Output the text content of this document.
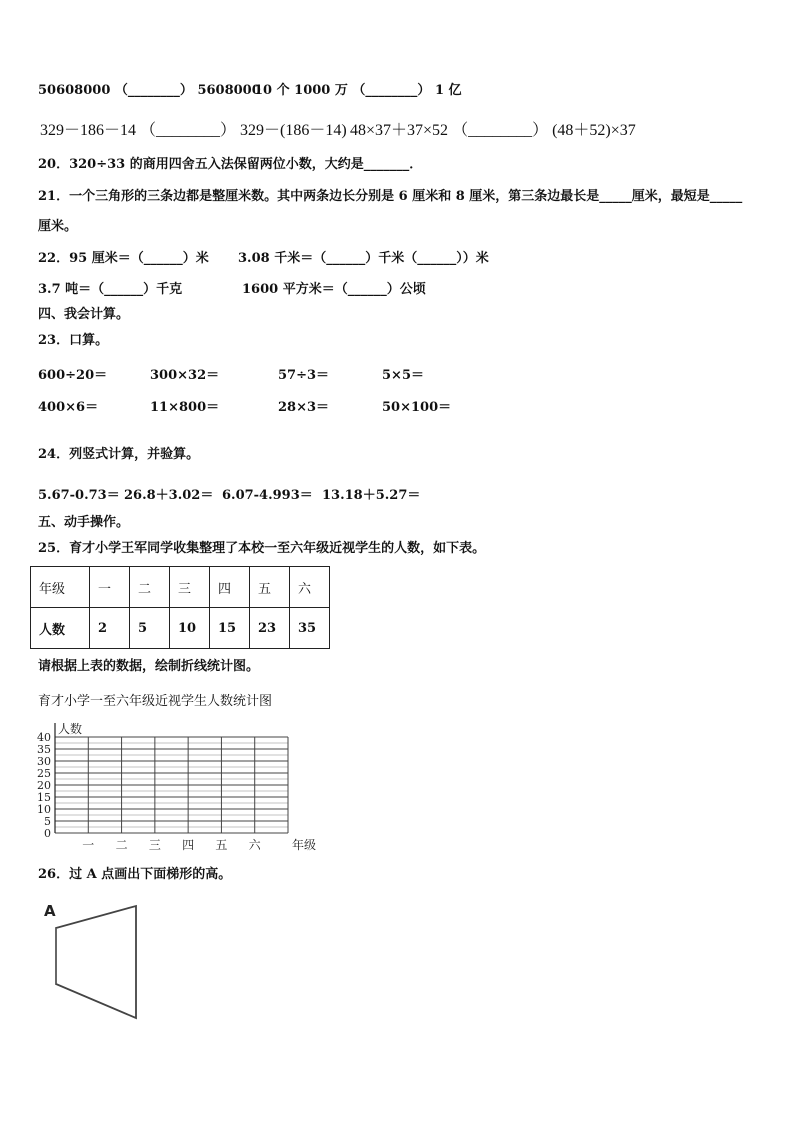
50608000 （________） 5608000
10 个 1000 万 （________） 1 亿
329－186－14 （________） 329－(186－14) 48×37＋37×52 （________） (48＋52)×37
20．320÷33 的商用四舍五入法保留两位小数，大约是_______．
21．一个三角形的三条边都是整厘米数。其中两条边长分别是 6 厘米和 8 厘米，第三条边最长是_____厘米，最短是_____
厘米。
22．95 厘米＝（______）米 3.08 千米＝（______）千米（______））米
3.7 吨＝（______）千克	1600 平方米＝（______）公顷
四、我会计算。
23．口算。
600÷20＝	300×32＝	57÷3＝	5×5＝
400×6＝	11×800＝	28×3＝	50×100＝
24．列竖式计算，并验算。
5.67-0.73＝ 26.8＋3.02＝ 6.07-4.993＝ 13.18＋5.27＝
五、动手操作。
25．育才小学王军同学收集整理了本校一至六年级近视学生的人数，如下表。
年级	一	二	三	四	五	六
人数	2	5	10	15	23	35
请根据上表的数据，绘制折线统计图。
育才小学一至六年级近视学生人数统计图
0
5
10
15
20
25
30
35
40
人数
一 二 三 四 五 六	年级
26．过 A 点画出下面梯形的高。
A
